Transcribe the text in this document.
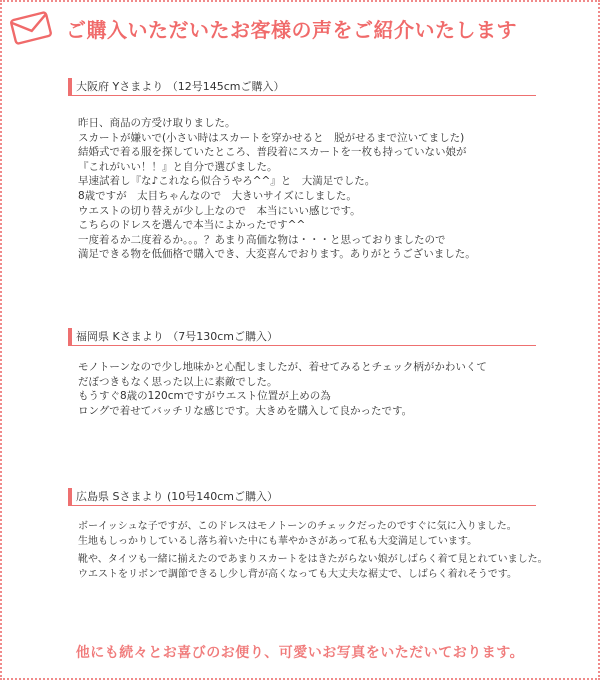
ご購入いただいたお客様の声をご紹介いたします
大阪府 Yさまより （12号145cmご購入）

昨日、商品の方受け取りました。

スカートが嫌いで(小さい時はスカートを穿かせると　脱がせるまで泣いてました)

結婚式で着る服を探していたところ、普段着にスカートを一枚も持っていない娘が

『これがいい！！』と自分で選びました。

早速試着し『な♪これなら似合うやろ^^』と　大満足でした。

8歳ですが　太目ちゃんなので　大きいサイズにしました。

ウエストの切り替えが少し上なので　本当にいい感じです。

こちらのドレスを選んで本当によかったです^^

一度着るか二度着るか。。。？あまり高価な物は・・・と思っておりましたので

満足できる物を低価格で購入でき、大変喜んでおります。ありがとうございました。

福岡県 Kさまより （7号130cmご購入）

モノトーンなので少し地味かと心配しましたが、着せてみるとチェック柄がかわいくて

だぼつきもなく思った以上に素敵でした。

もうすぐ8歳の120cmですがウエスト位置が上めの為

ロングで着せてバッチリな感じです。大きめを購入して良かったです。

広島県 Sさまより (10号140cmご購入）

ボーイッシュな子ですが、このドレスはモノトーンのチェックだったのですぐに気に入りました。

生地もしっかりしているし落ち着いた中にも華やかさがあって私も大変満足しています。

靴や、タイツも一緒に揃えたのであまりスカートをはきたがらない娘がしばらく着て見とれていました。

ウエストをリボンで調節できるし少し背が高くなっても大丈夫な裾丈で、しばらく着れそうです。

他にも続々とお喜びのお便り、可愛いお写真をいただいております。
